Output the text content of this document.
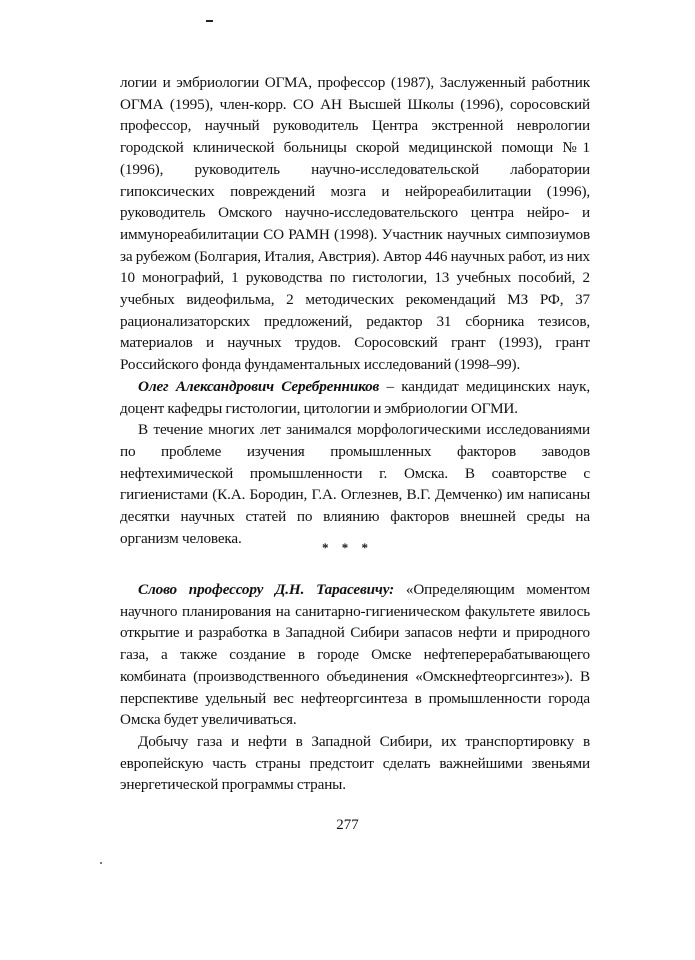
логии и эмбриологии ОГМА, профессор (1987), Заслуженный работник ОГМА (1995), член-корр. СО АН Высшей Школы (1996), соросовский профессор, научный руководитель Центра экстренной неврологии городской клинической больницы скорой медицинской помощи №1 (1996), руководитель научно-исследовательской лаборатории гипоксических повреждений мозга и нейрореабилитации (1996), руководитель Омского научно-исследовательского центра нейро- и иммунореабилитации СО РАМН (1998). Участник научных симпозиумов за рубежом (Болгария, Италия, Австрия). Автор 446 научных работ, из них 10 монографий, 1 руководства по гистологии, 13 учебных пособий, 2 учебных видеофильма, 2 методических рекомендаций МЗ РФ, 37 рационализаторских предложений, редактор 31 сборника тезисов, материалов и научных трудов. Соросовский грант (1993), грант Российского фонда фундаментальных исследований (1998–99).

Олег Александрович Серебренников – кандидат медицинских наук, доцент кафедры гистологии, цитологии и эмбриологии ОГМИ.

В течение многих лет занимался морфологическими исследованиями по проблеме изучения промышленных факторов заводов нефтехимической промышленности г. Омска. В соавторстве с гигиенистами (К.А. Бородин, Г.А. Оглезнев, В.Г. Демченко) им написаны десятки научных статей по влиянию факторов внешней среды на организм человека.

* * *

Слово профессору Д.Н. Тарасевичу: «Определяющим моментом научного планирования на санитарно-гигиеническом факультете явилось открытие и разработка в Западной Сибири запасов нефти и природного газа, а также создание в городе Омске нефтеперерабатывающего комбината (производственного объединения «Омскнефтеоргсинтез»). В перспективе удельный вес нефтеоргсинтеза в промышленности города Омска будет увеличиваться.

Добычу газа и нефти в Западной Сибири, их транспортировку в европейскую часть страны предстоит сделать важнейшими звеньями энергетической программы страны.

277
